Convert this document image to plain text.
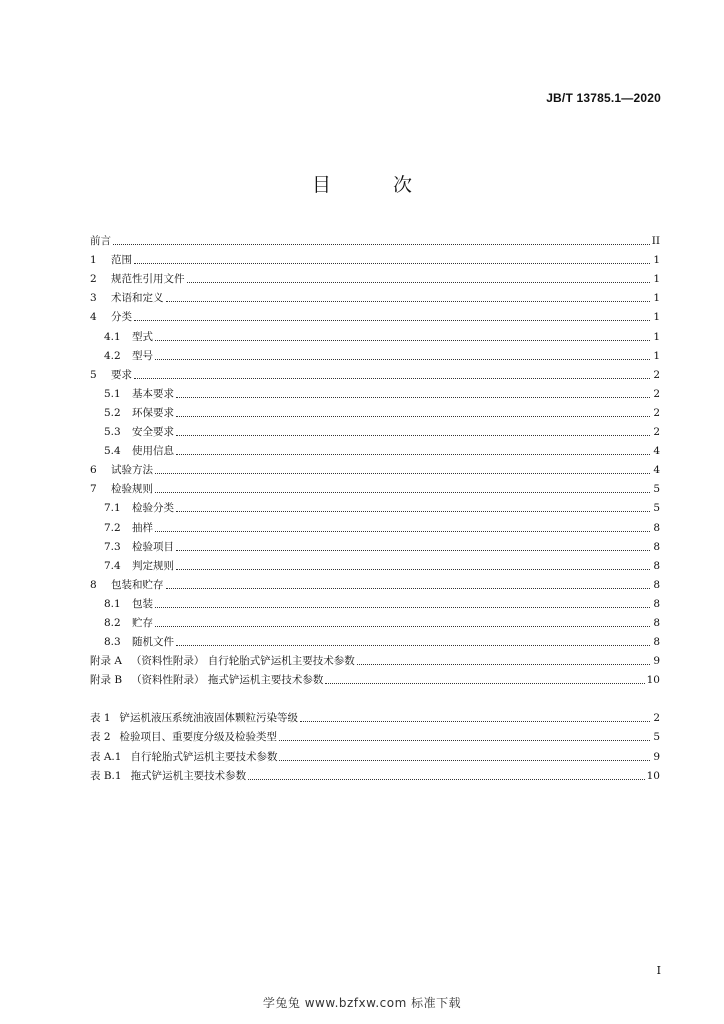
JB/T 13785.1—2020
目 次
前言	II
1	范围	1
2	规范性引用文件	1
3	术语和定义	1
4	分类	1
4.1 型式	1
4.2 型号	1
5	要求	2
5.1 基本要求	2
5.2 环保要求	2
5.3 安全要求	2
5.4 使用信息	4
6	试验方法	4
7	检验规则	5
7.1 检验分类	5
7.2 抽样	8
7.3 检验项目	8
7.4 判定规则	8
8	包装和贮存	8
8.1 包装	8
8.2 贮存	8
8.3 随机文件	8
附录 A （资料性附录） 自行轮胎式铲运机主要技术参数	9
附录 B （资料性附录） 拖式铲运机主要技术参数	10
表 1 铲运机液压系统油液固体颗粒污染等级	2
表 2 检验项目、重要度分级及检验类型	5
表 A.1 自行轮胎式铲运机主要技术参数	9
表 B.1 拖式铲运机主要技术参数	10
I
学兔兔 www.bzfxw.com 标准下载
